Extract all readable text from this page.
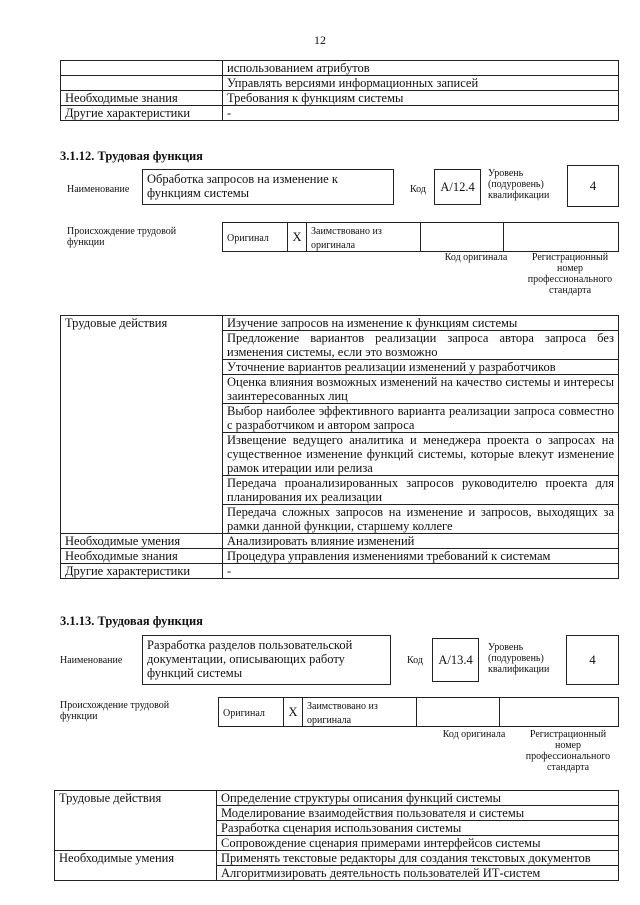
12
	использованием атрибутов
	Управлять версиями информационных записей
Необходимые знания	Требования к функциям системы
Другие характеристики	-
3.1.12. Трудовая функция
Наименование
Обработка запросов на изменение к функциям системы	Код	A/12.4
Уровень (подуровень) квалификации
4
Происхождение трудовой функции	Оригинал	X	Заимствовано из оригинала		
Код оригинала	Регистрационный номер профессионального стандарта
Трудовые действия	Изучение запросов на изменение к функциям системы
	Предложение вариантов реализации запроса автора запроса без изменения системы, если это возможно
	Уточнение вариантов реализации изменений у разработчиков
	Оценка влияния возможных изменений на качество системы и интересы заинтересованных лиц
	Выбор наиболее эффективного варианта реализации запроса совместно с разработчиком и автором запроса
	Извещение ведущего аналитика и менеджера проекта о запросах на существенное изменение функций системы, которые влекут изменение рамок итерации или релиза
	Передача проанализированных запросов руководителю проекта для планирования их реализации
	Передача сложных запросов на изменение и запросов, выходящих за рамки данной функции, старшему коллеге
Необходимые умения	Анализировать влияние изменений
Необходимые знания	Процедура управления изменениями требований к системам
Другие характеристики	-
3.1.13. Трудовая функция
Наименование
Разработка разделов пользовательской документации, описывающих работу функций системы
Код	A/13.4
Уровень (подуровень) квалификации
4
Происхождение трудовой функции	Оригинал	X	Заимствовано из оригинала		
Код оригинала	Регистрационный номер профессионального стандарта
Трудовые действия	Определение структуры описания функций системы
	Моделирование взаимодействия пользователя и системы
	Разработка сценария использования системы
	Сопровождение сценария примерами интерфейсов системы
Необходимые умения	Применять текстовые редакторы для создания текстовых документов
	Алгоритмизировать деятельность пользователей ИТ-систем
